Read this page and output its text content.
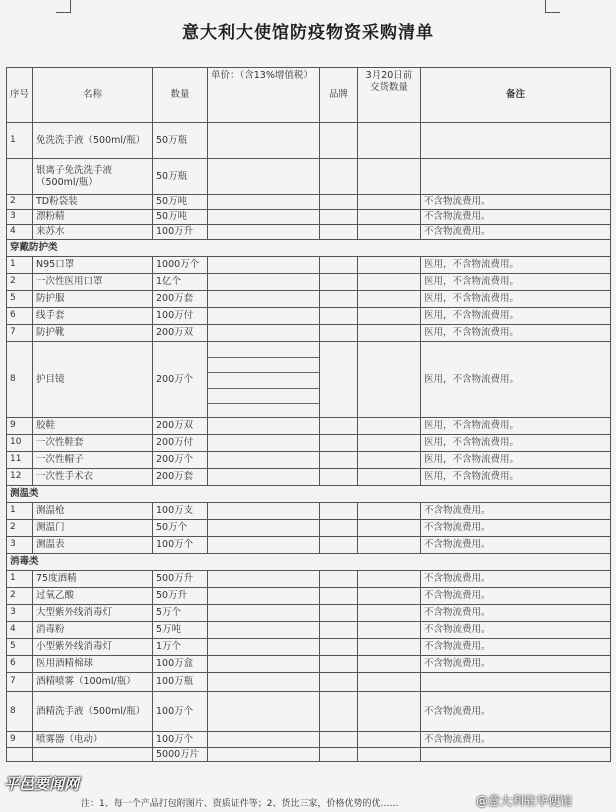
意大利大使馆防疫物资采购清单
序号	名称	数量	单价：（含13%增值税）	品牌	3月20日前交货数量	备注
1	免洗洗手液（500ml/瓶）	50万瓶				
	银离子免洗洗手液（500ml/瓶）	50万瓶				
2	TD粉袋装	50万吨				不含物流费用。
3	漂粉精	50万吨				不含物流费用。
4	来苏水	100万升				不含物流费用。
穿戴防护类						
1	N95口罩	1000万个				医用，不含物流费用。
2	一次性医用口罩	1亿个				医用，不含物流费用。
5	防护服	200万套				医用，不含物流费用。
6	线手套	100万付				医用，不含物流费用。
7	防护靴	200万双				医用，不含物流费用。
8	护目镜	200万个				医用，不含物流费用。
9	胶鞋	200万双				医用，不含物流费用。
10	一次性鞋套	200万付				医用，不含物流费用。
11	一次性帽子	200万个				医用，不含物流费用。
12	一次性手术衣	200万套				医用，不含物流费用。
测温类						
1	测温枪	100万支				不含物流费用。
2	测温门	50万个				不含物流费用。
3	测温表	100万个				不含物流费用。
消毒类						
1	75度酒精	500万升				不含物流费用。
2	过氧乙酸	50万升				不含物流费用。
3	大型紫外线消毒灯	5万个				不含物流费用。
4	消毒粉	5万吨				不含物流费用。
5	小型紫外线消毒灯	1万个				不含物流费用。
6	医用酒精棉球	100万盒				不含物流费用。
7	酒精喷雾（100ml/瓶）	100万瓶				
8	酒精洗手液（500ml/瓶）	100万个				不含物流费用。
9	喷雾器（电动）	100万个				不含物流费用。
		5000万片				
平邑要闻网
注：1、每一个产品打包附图片、资质证件等；2、货比三家，价格优势的优……	@意大利驻华使馆
